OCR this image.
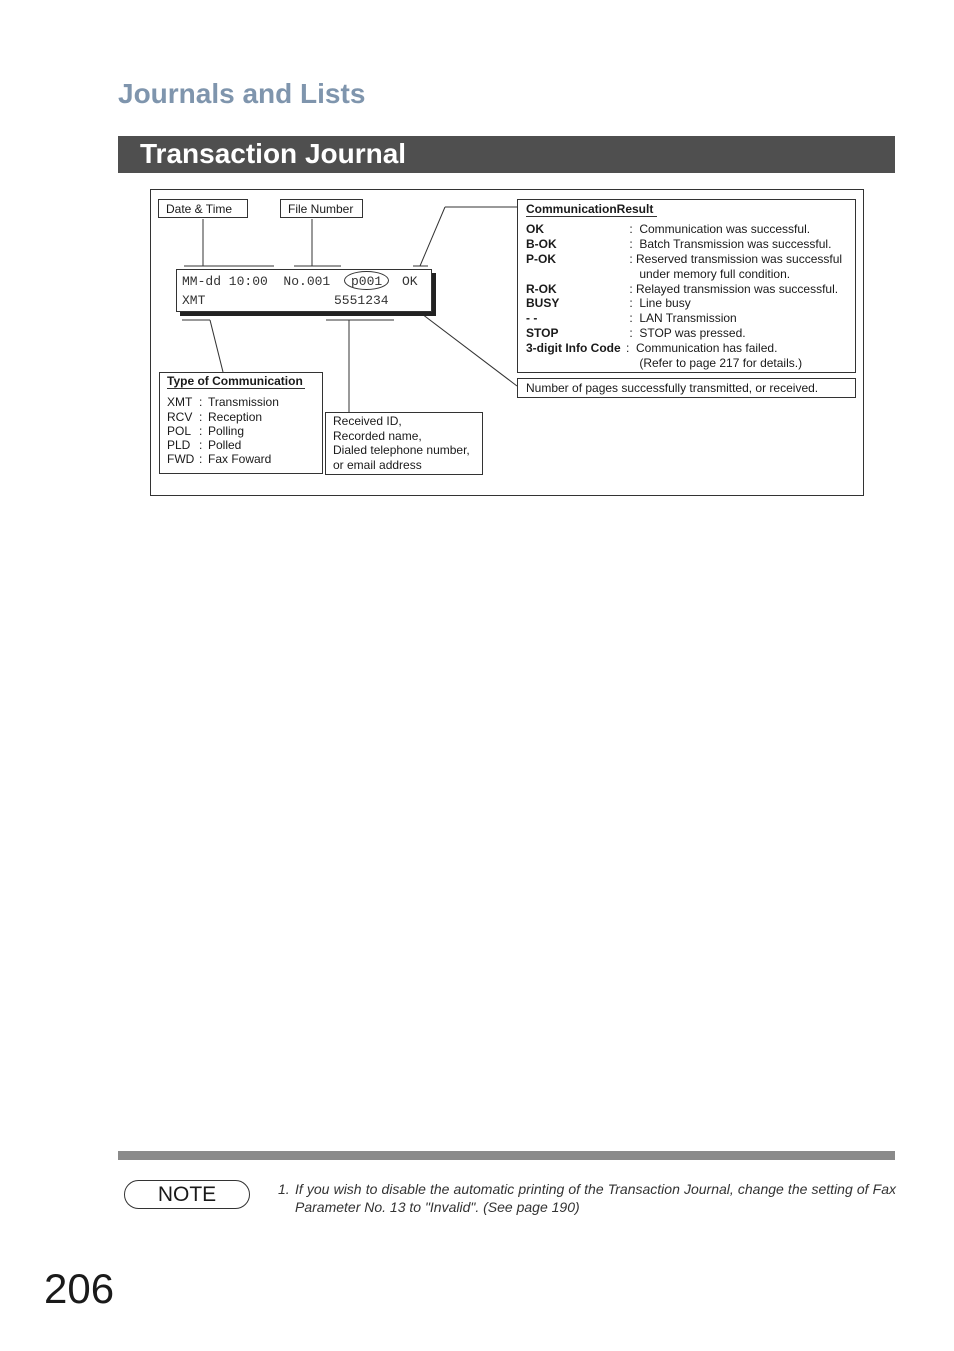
Journals and Lists
Transaction Journal
Date & Time	File Number
MM-dd 10:00  No.001 p001 OK
XMT	5551234
CommunicationResult
OK	:  Communication was successful.
B-OK	:  Batch Transmission was successful.
P-OK	: Reserved transmission was successful
under memory full condition.
R-OK	: Relayed transmission was successful.
BUSY	:  Line busy
- -	:  LAN Transmission
STOP	:  STOP was pressed.
3-digit Info Code :  Communication has failed.
(Refer to page 217 for details.)
Number of pages successfully transmitted, or received.
Type of Communication
XMT : Transmission
RCV : Reception
POL : Polling
PLD : Polled
FWD : Fax Foward
Received ID,
Recorded name,
Dialed telephone number,
or email address
NOTE	1. If you wish to disable the automatic printing of the Transaction Journal, change the setting of Fax Parameter No. 13 to "Invalid". (See page 190)
206
